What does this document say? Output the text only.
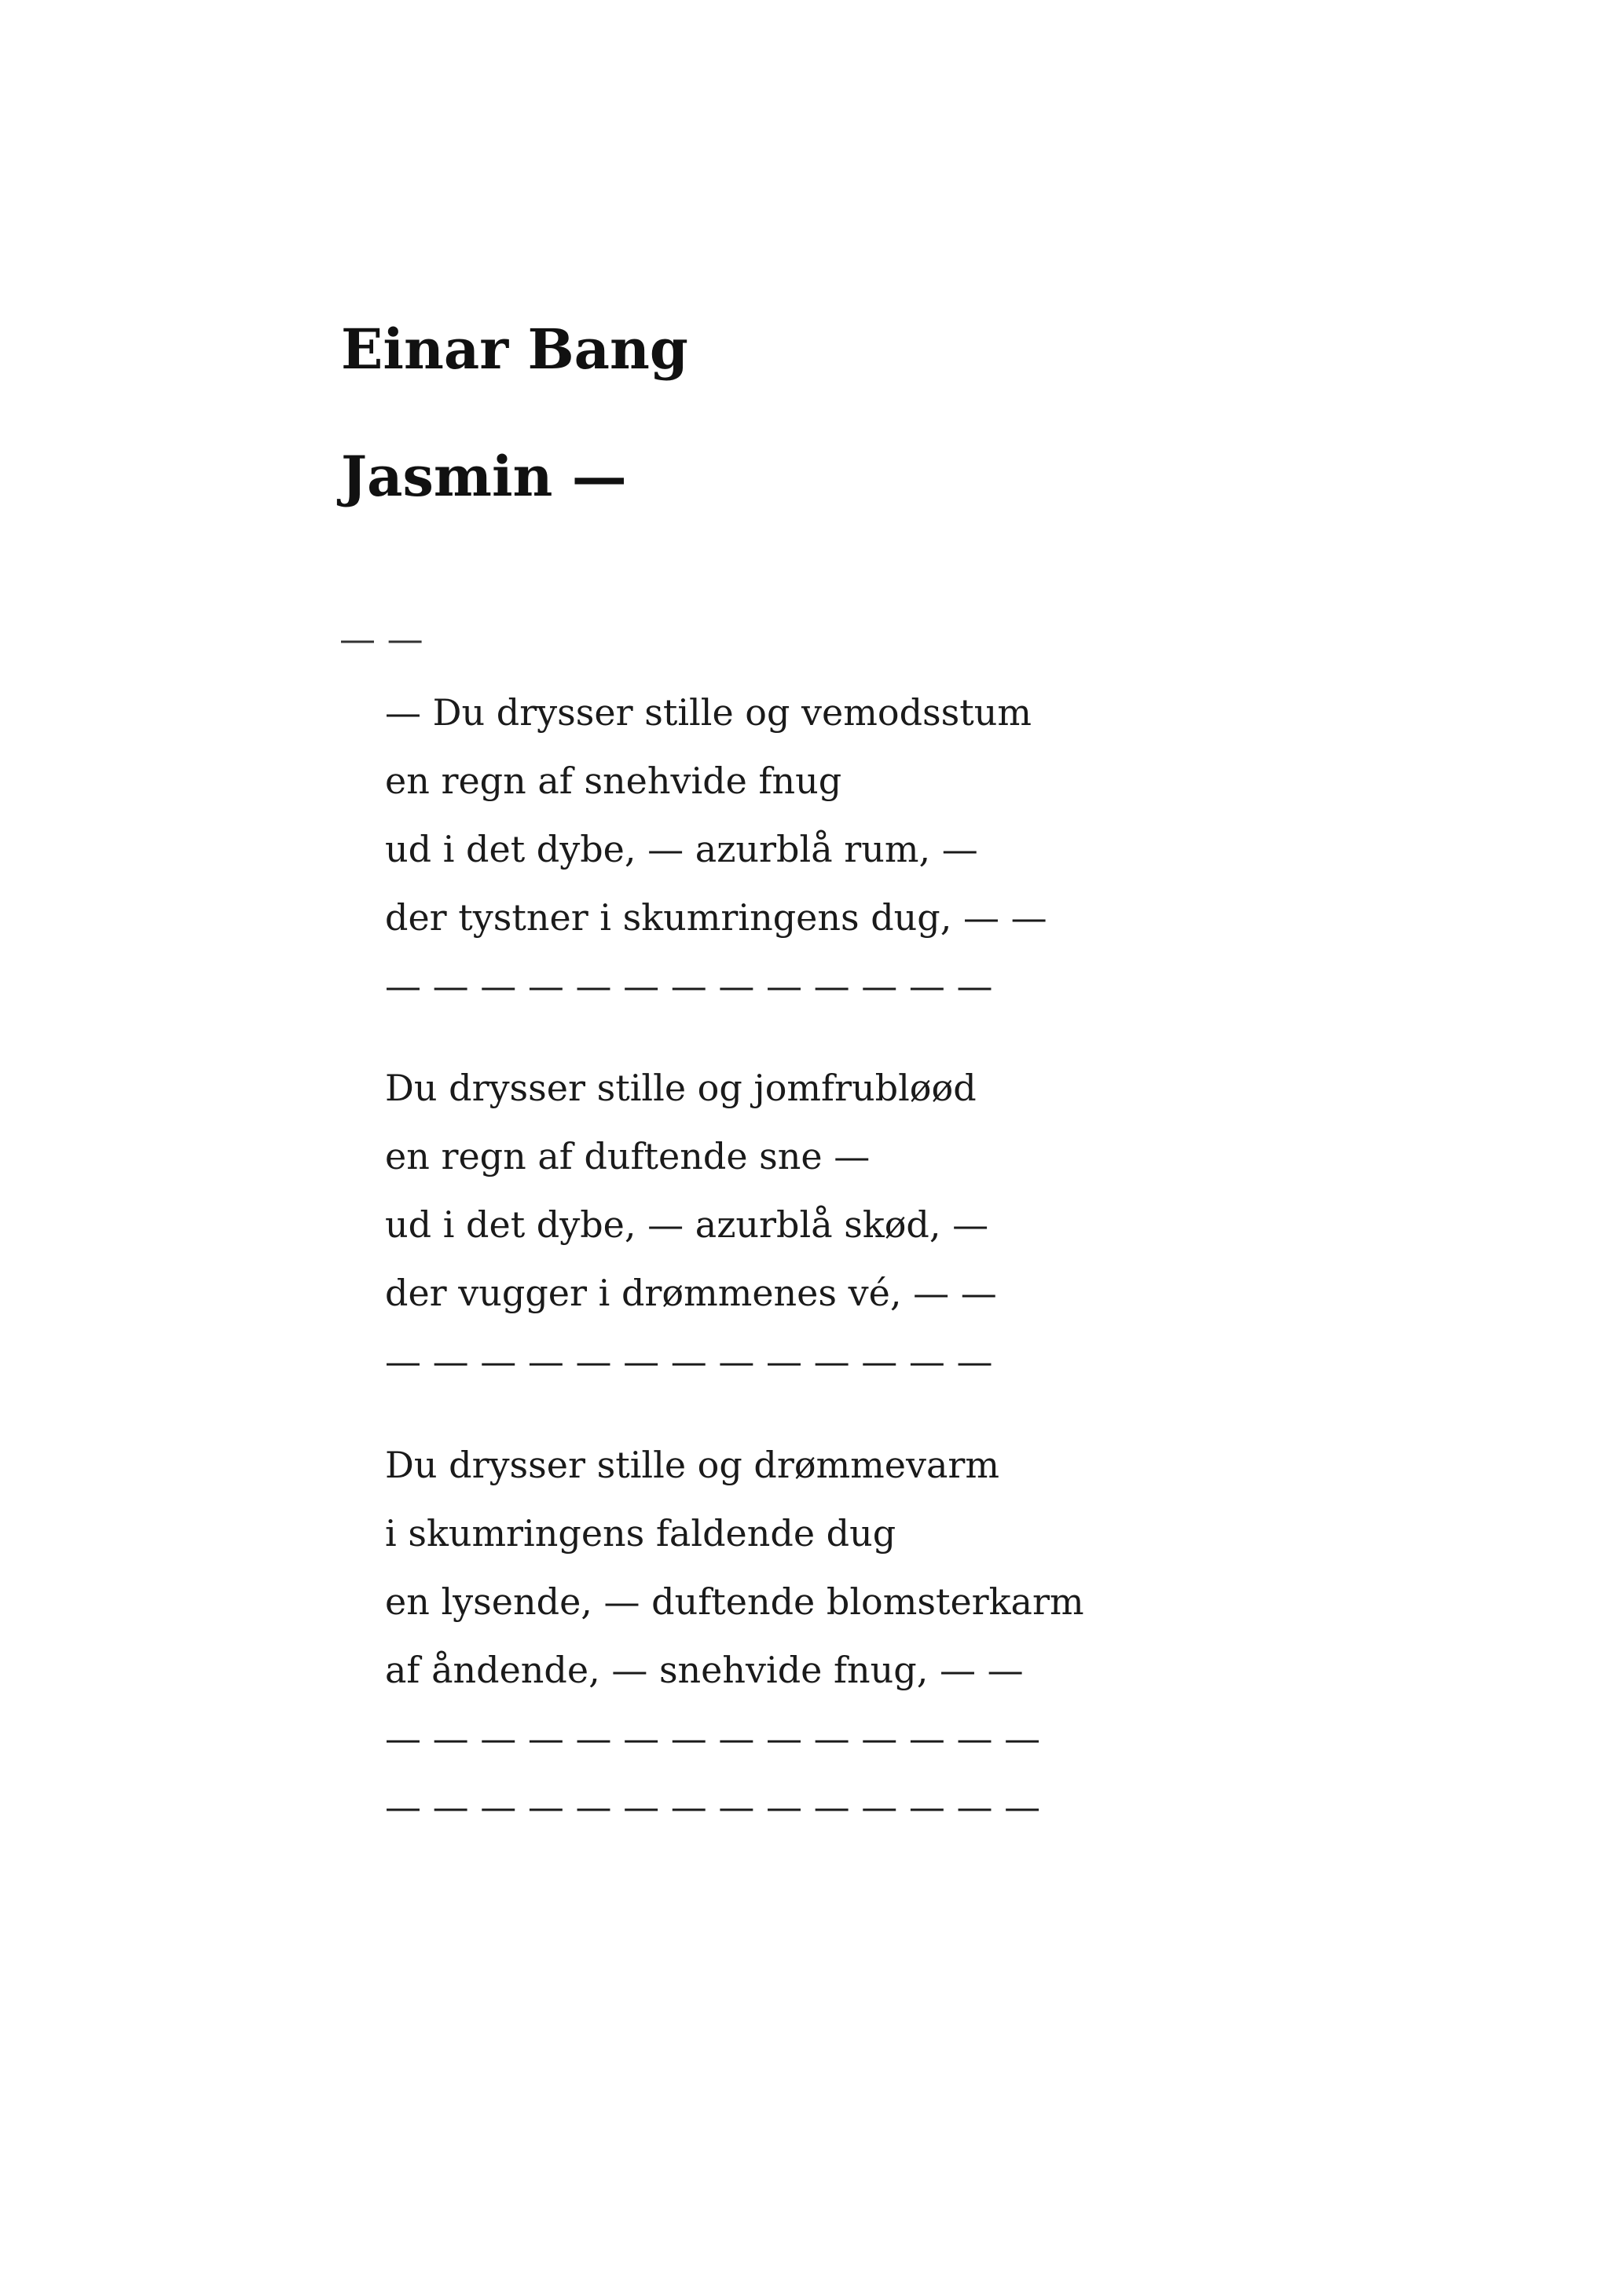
Einar Bang
Jasmin —
— —
— Du drysser stille og vemodsstum
en regn af snehvide fnug
ud i det dybe, — azurblå rum, —
der tystner i skumringens dug, — —
— — — — — — — — — — — — —
Du drysser stille og jomfrubløød
en regn af duftende sne —
ud i det dybe, — azurblå skød, —
der vugger i drømmenes vé, — —
— — — — — — — — — — — — —
Du drysser stille og drømmevarm
i skumringens faldende dug
en lysende, — duftende blomsterkarm
af åndende, — snehvide fnug, — —
— — — — — — — — — — — — — —
— — — — — — — — — — — — — —
